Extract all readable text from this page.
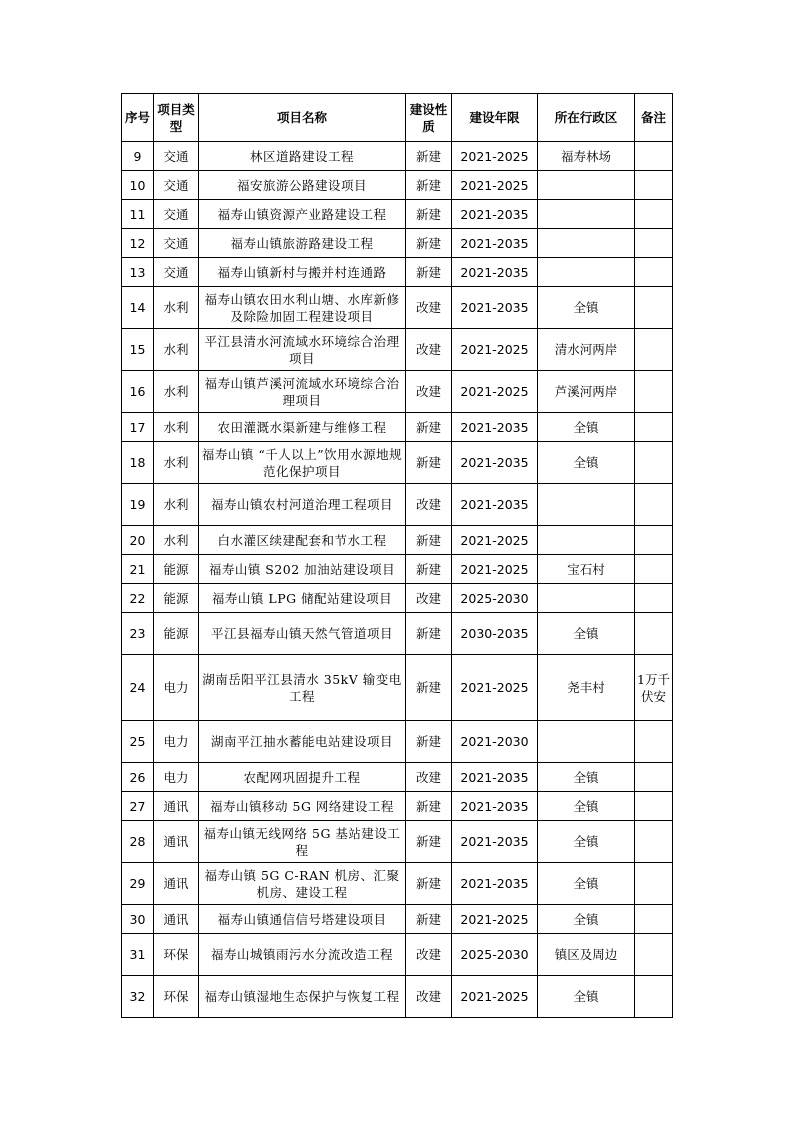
序号	项目类型	项目名称	建设性质	建设年限	所在行政区	备注
9	交通	林区道路建设工程	新建	2021-2025	福寿林场	
10	交通	福安旅游公路建设项目	新建	2021-2025		
11	交通	福寿山镇资源产业路建设工程	新建	2021-2035		
12	交通	福寿山镇旅游路建设工程	新建	2021-2035		
13	交通	福寿山镇新村与搬并村连通路	新建	2021-2035		
14	水利	福寿山镇农田水利山塘、水库新修及除险加固工程建设项目	改建	2021-2035	全镇	
15	水利	平江县清水河流域水环境综合治理项目	改建	2021-2025	清水河两岸	
16	水利	福寿山镇芦溪河流域水环境综合治理项目	改建	2021-2025	芦溪河两岸	
17	水利	农田灌溉水渠新建与维修工程	新建	2021-2035	全镇	
18	水利	福寿山镇 “千人以上”饮用水源地规范化保护项目	新建	2021-2035	全镇	
19	水利	福寿山镇农村河道治理工程项目	改建	2021-2035		
20	水利	白水灌区续建配套和节水工程	新建	2021-2025		
21	能源	福寿山镇 S202 加油站建设项目	新建	2021-2025	宝石村	
22	能源	福寿山镇 LPG 储配站建设项目	改建	2025-2030		
23	能源	平江县福寿山镇天然气管道项目	新建	2030-2035	全镇	
24	电力	湖南岳阳平江县清水 35kV 输变电工程	新建	2021-2025	尧丰村	1万千伏安
25	电力	湖南平江抽水蓄能电站建设项目	新建	2021-2030		
26	电力	农配网巩固提升工程	改建	2021-2035	全镇	
27	通讯	福寿山镇移动 5G 网络建设工程	新建	2021-2035	全镇	
28	通讯	福寿山镇无线网络 5G 基站建设工程	新建	2021-2035	全镇	
29	通讯	福寿山镇 5G C-RAN 机房、汇聚机房、建设工程	新建	2021-2035	全镇	
30	通讯	福寿山镇通信信号塔建设项目	新建	2021-2025	全镇	
31	环保	福寿山城镇雨污水分流改造工程	改建	2025-2030	镇区及周边	
32	环保	福寿山镇湿地生态保护与恢复工程	改建	2021-2025	全镇	
